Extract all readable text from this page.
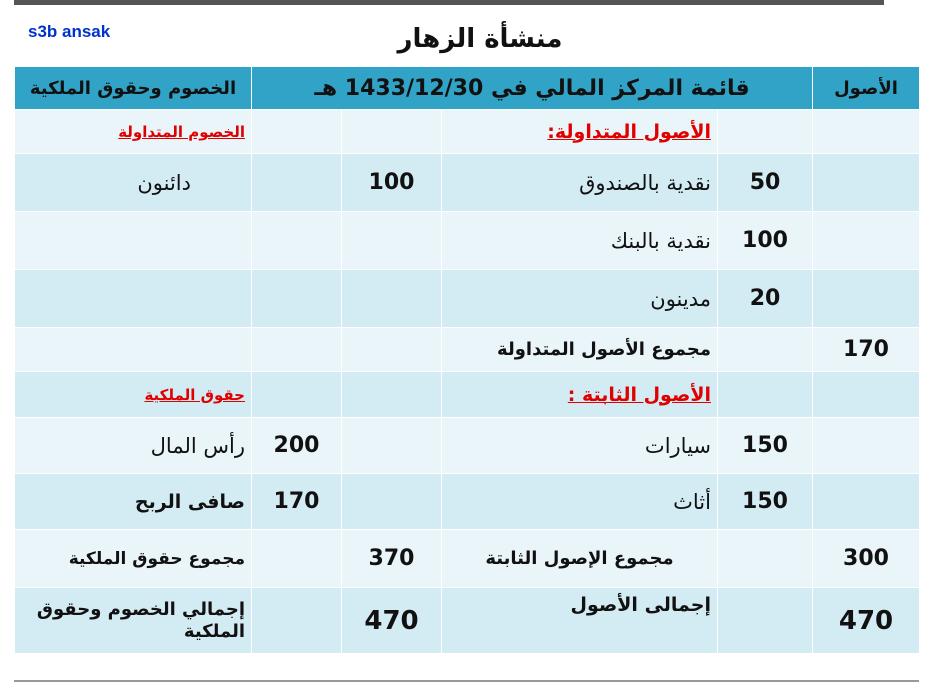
s3b ansak	منشأة الزهار
الخصوم وحقوق الملكية	قائمة المركز المالي في 1433/12/30 هـ				الأصول
الخصوم المتداولة			الأصول المتداولة:		
دائنون		100	نقدية بالصندوق	50	
			نقدية بالبنك	100	
			مدينون	20	
			مجموع الأصول المتداولة		170
حقوق الملكية			الأصول الثابتة :		
رأس المال	200		سيارات	150	
صافى الربح	170		أثاث	150	
مجموع حقوق الملكية		370	مجموع الإصول الثابتة		300
إجمالي الخصوم وحقوق الملكية		470	إجمالى الأصول		470
